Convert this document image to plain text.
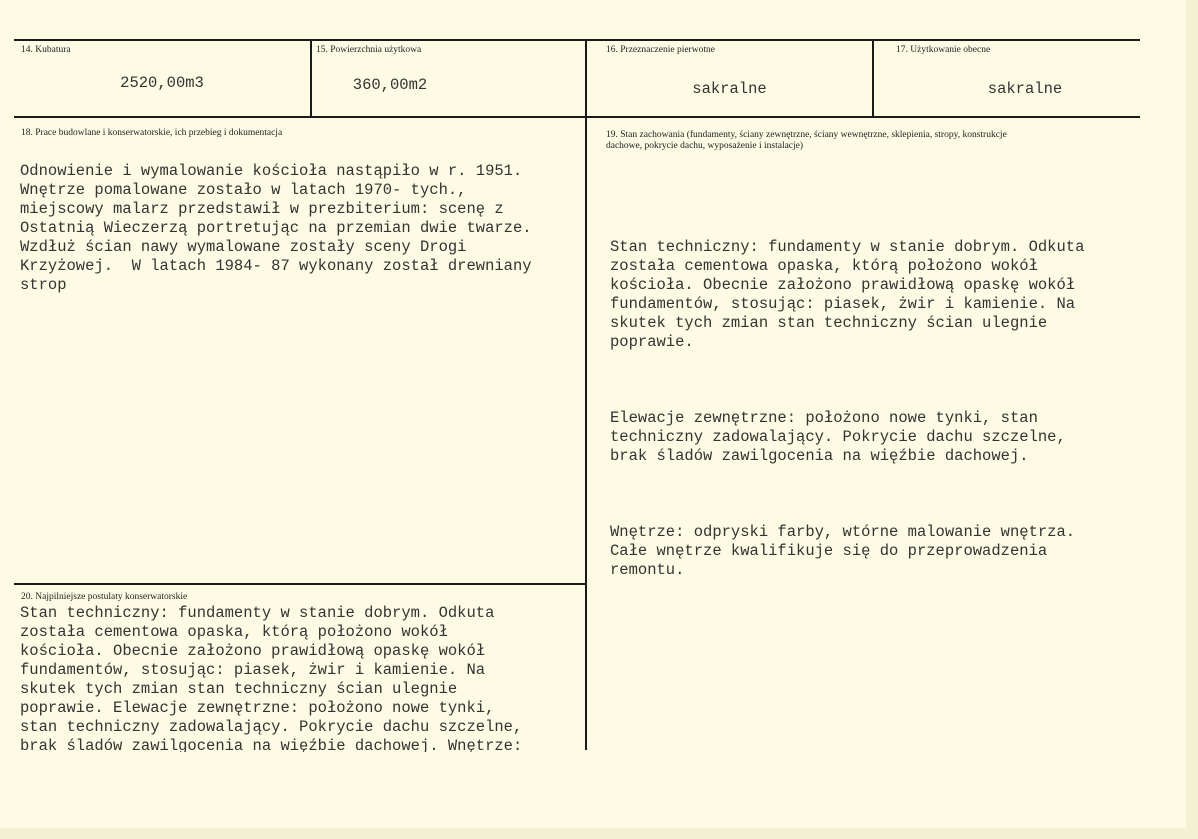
14. Kubatura
2520,00m3
15. Powierzchnia użytkowa
360,00m2
16. Przeznaczenie pierwotne
sakralne
17. Użytkowanie obecne
sakralne
18. Prace budowlane i konserwatorskie, ich przebieg i dokumentacja
Odnowienie i wymalowanie kościoła nastąpiło w r. 1951.
Wnętrze pomalowane zostało w latach 1970- tych.,
miejscowy malarz przedstawił w prezbiterium: scenę z
Ostatnią Wieczerzą portretując na przemian dwie twarze.
Wzdłuż ścian nawy wymalowane zostały sceny Drogi
Krzyżowej.  W latach 1984- 87 wykonany został drewniany
strop
19. Stan zachowania (fundamenty, ściany zewnętrzne, ściany wewnętrzne, sklepienia, stropy, konstrukcje
dachowe, pokrycie dachu, wyposażenie i instalacje)

Stan techniczny: fundamenty w stanie dobrym. Odkuta
została cementowa opaska, którą położono wokół
kościoła. Obecnie założono prawidłową opaskę wokół
fundamentów, stosując: piasek, żwir i kamienie. Na
skutek tych zmian stan techniczny ścian ulegnie
poprawie.

Elewacje zewnętrzne: położono nowe tynki, stan
techniczny zadowalający. Pokrycie dachu szczelne,
brak śladów zawilgocenia na więźbie dachowej.

Wnętrze: odpryski farby, wtórne malowanie wnętrza.
Całe wnętrze kwalifikuje się do przeprowadzenia
remontu.

20. Najpilniejsze postulaty konserwatorskie
Stan techniczny: fundamenty w stanie dobrym. Odkuta
została cementowa opaska, którą położono wokół
kościoła. Obecnie założono prawidłową opaskę wokół
fundamentów, stosując: piasek, żwir i kamienie. Na
skutek tych zmian stan techniczny ścian ulegnie
poprawie. Elewacje zewnętrzne: położono nowe tynki,
stan techniczny zadowalający. Pokrycie dachu szczelne,
brak śladów zawilgocenia na więźbie dachowej. Wnętrze:
